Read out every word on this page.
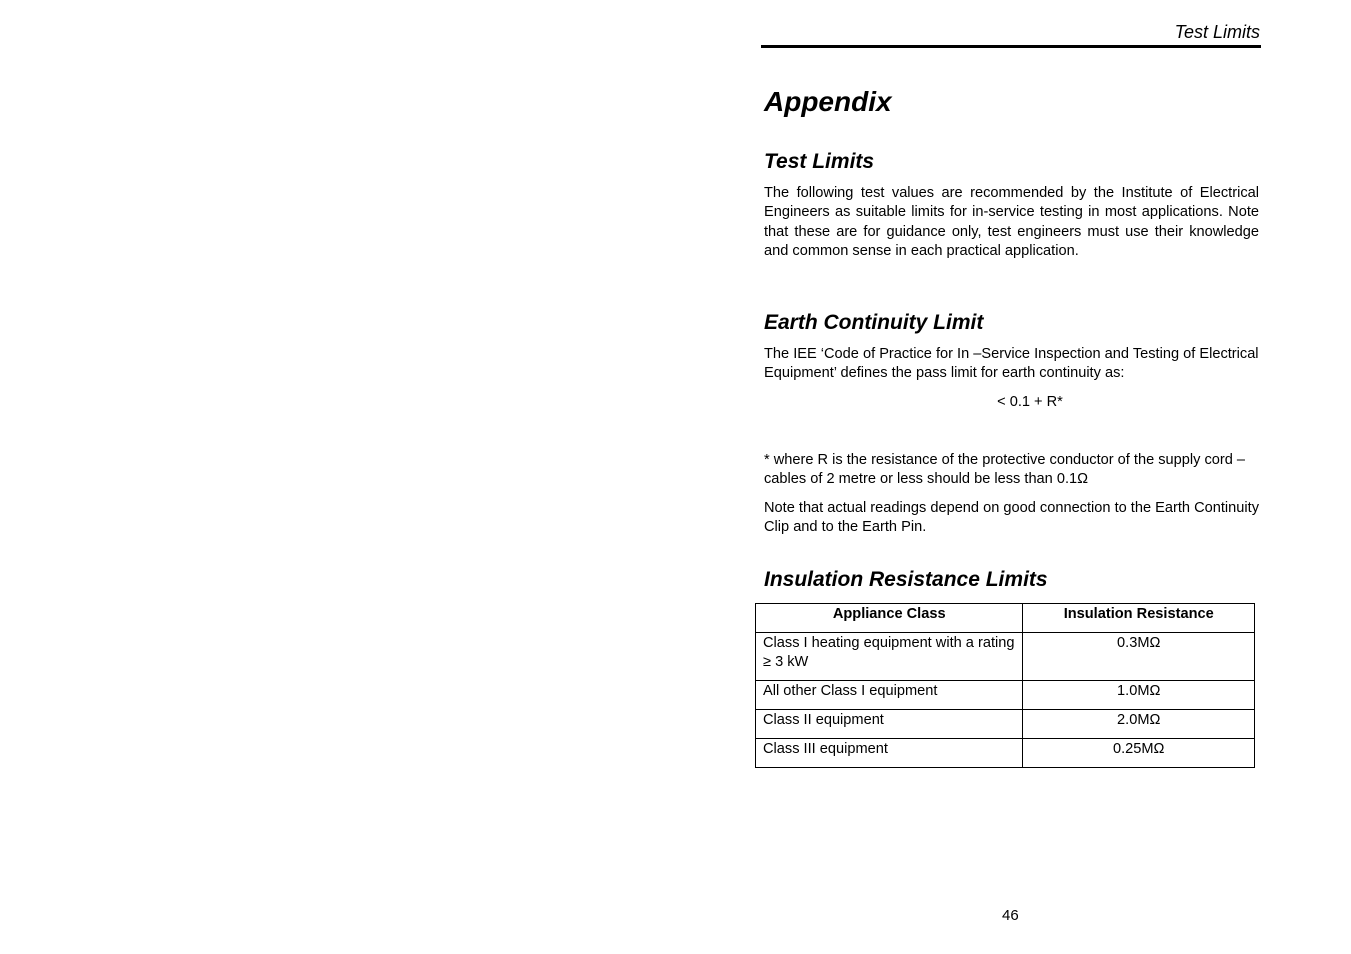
Test Limits
Appendix
Test Limits
The following test values are recommended by the Institute of Electrical Engineers as suitable limits for in-service testing in most applications. Note that these are for guidance only, test engineers must use their knowledge and common sense in each practical application.
Earth Continuity Limit
The IEE ‘Code of Practice for In –Service Inspection and Testing of Electrical Equipment’ defines the pass limit for earth continuity as:
< 0.1 + R*
* where R is the resistance of the protective conductor of the supply cord –cables of 2 metre or less should be less than 0.1Ω
Note that actual readings depend on good connection to the Earth Continuity Clip and to the Earth Pin.
Insulation Resistance Limits
Appliance Class	Insulation Resistance
Class I heating equipment with a rating ≥ 3 kW	0.3MΩ
All other Class I equipment	1.0MΩ
Class II equipment	2.0MΩ
Class III equipment	0.25MΩ
46
